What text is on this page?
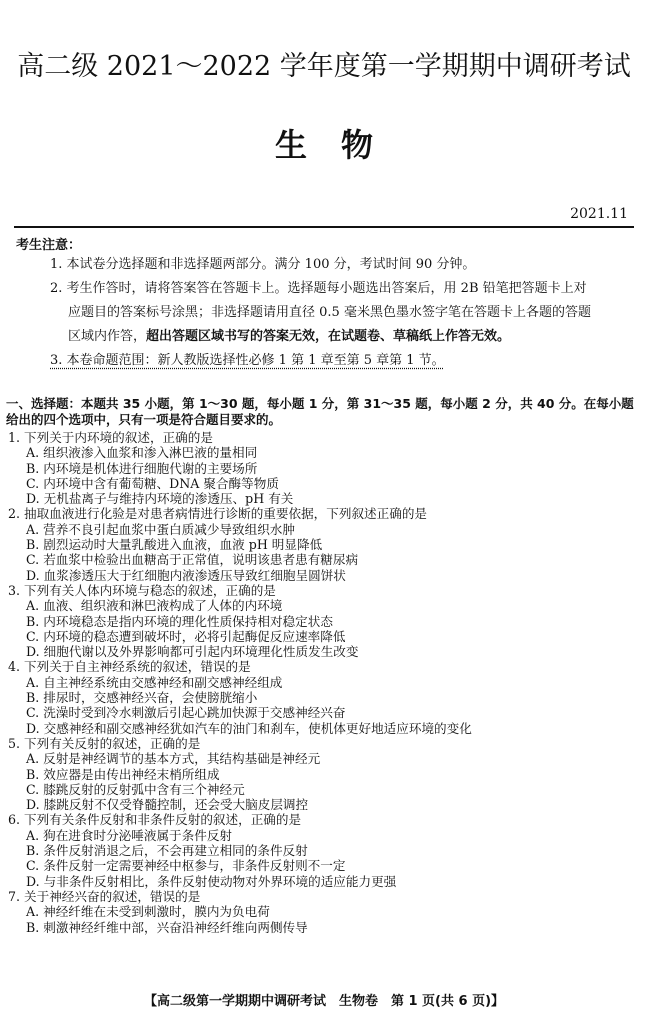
高二级 2021～2022 学年度第一学期期中调研考试
生物
2021.11
考生注意：

1. 本试卷分选择题和非选择题两部分。满分 100 分，考试时间 90 分钟。

2. 考生作答时，请将答案答在答题卡上。选择题每小题选出答案后，用 2B 铅笔把答题卡上对

应题目的答案标号涂黑；非选择题请用直径 0.5 毫米黑色墨水签字笔在答题卡上各题的答题

区域内作答，超出答题区域书写的答案无效，在试题卷、草稿纸上作答无效。

3. 本卷命题范围：新人教版选择性必修 1 第 1 章至第 5 章第 1 节。

一、选择题：本题共 35 小题，第 1～30 题，每小题 1 分，第 31～35 题，每小题 2 分，共 40 分。在每小题给出的四个选项中，只有一项是符合题目要求的。

1. 下列关于内环境的叙述，正确的是

A. 组织液渗入血浆和渗入淋巴液的量相同

B. 内环境是机体进行细胞代谢的主要场所

C. 内环境中含有葡萄糖、DNA 聚合酶等物质

D. 无机盐离子与维持内环境的渗透压、pH 有关

2. 抽取血液进行化验是对患者病情进行诊断的重要依据，下列叙述正确的是

A. 营养不良引起血浆中蛋白质减少导致组织水肿

B. 剧烈运动时大量乳酸进入血液，血液 pH 明显降低

C. 若血浆中检验出血糖高于正常值，说明该患者患有糖尿病

D. 血浆渗透压大于红细胞内液渗透压导致红细胞呈圆饼状

3. 下列有关人体内环境与稳态的叙述，正确的是

A. 血液、组织液和淋巴液构成了人体的内环境

B. 内环境稳态是指内环境的理化性质保持相对稳定状态

C. 内环境的稳态遭到破坏时，必将引起酶促反应速率降低

D. 细胞代谢以及外界影响都可引起内环境理化性质发生改变

4. 下列关于自主神经系统的叙述，错误的是

A. 自主神经系统由交感神经和副交感神经组成

B. 排尿时，交感神经兴奋，会使膀胱缩小

C. 洗澡时受到冷水刺激后引起心跳加快源于交感神经兴奋

D. 交感神经和副交感神经犹如汽车的油门和刹车，使机体更好地适应环境的变化

5. 下列有关反射的叙述，正确的是

A. 反射是神经调节的基本方式，其结构基础是神经元

B. 效应器是由传出神经末梢所组成

C. 膝跳反射的反射弧中含有三个神经元

D. 膝跳反射不仅受脊髓控制，还会受大脑皮层调控

6. 下列有关条件反射和非条件反射的叙述，正确的是

A. 狗在进食时分泌唾液属于条件反射

B. 条件反射消退之后，不会再建立相同的条件反射

C. 条件反射一定需要神经中枢参与，非条件反射则不一定

D. 与非条件反射相比，条件反射使动物对外界环境的适应能力更强

7. 关于神经兴奋的叙述，错误的是

A. 神经纤维在未受到刺激时，膜内为负电荷

B. 刺激神经纤维中部，兴奋沿神经纤维向两侧传导

【高二级第一学期期中调研考试　生物卷　第 1 页(共 6 页)】
